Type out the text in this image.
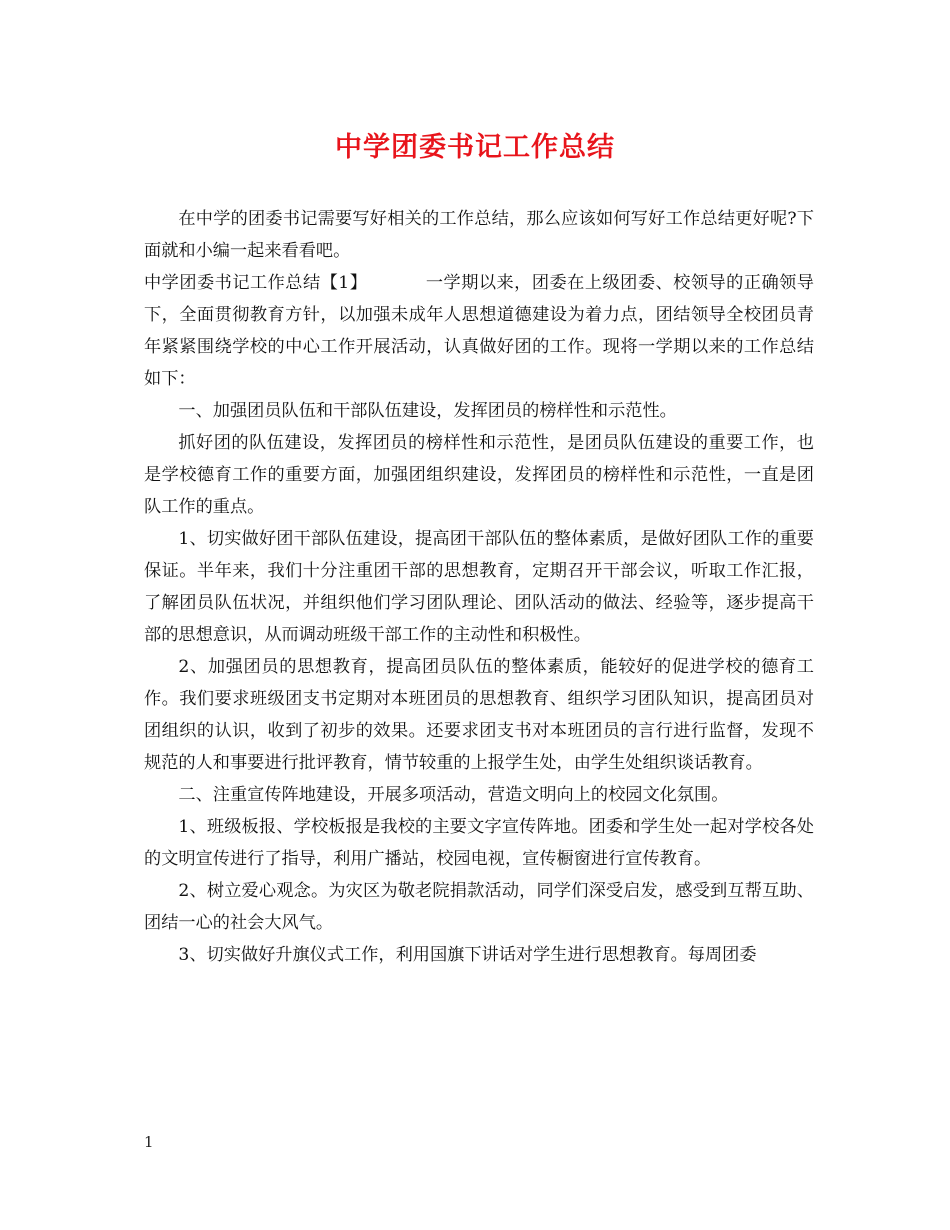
中学团委书记工作总结

在中学的团委书记需要写好相关的工作总结，那么应该如何写好工作总结更好呢?下面就和小编一起来看看吧。

中学团委书记工作总结【1】	一学期以来，团委在上级团委、校领导的正确领导下，全面贯彻教育方针，以加强未成年人思想道德建设为着力点，团结领导全校团员青年紧紧围绕学校的中心工作开展活动，认真做好团的工作。现将一学期以来的工作总结如下：

一、加强团员队伍和干部队伍建设，发挥团员的榜样性和示范性。

抓好团的队伍建设，发挥团员的榜样性和示范性，是团员队伍建设的重要工作，也是学校德育工作的重要方面，加强团组织建设，发挥团员的榜样性和示范性，一直是团队工作的重点。

1、切实做好团干部队伍建设，提高团干部队伍的整体素质，是做好团队工作的重要保证。半年来，我们十分注重团干部的思想教育，定期召开干部会议，听取工作汇报，了解团员队伍状况，并组织他们学习团队理论、团队活动的做法、经验等，逐步提高干部的思想意识，从而调动班级干部工作的主动性和积极性。

2、加强团员的思想教育，提高团员队伍的整体素质，能较好的促进学校的德育工作。我们要求班级团支书定期对本班团员的思想教育、组织学习团队知识，提高团员对团组织的认识，收到了初步的效果。还要求团支书对本班团员的言行进行监督，发现不规范的人和事要进行批评教育，情节较重的上报学生处，由学生处组织谈话教育。

二、注重宣传阵地建设，开展多项活动，营造文明向上的校园文化氛围。

1、班级板报、学校板报是我校的主要文字宣传阵地。团委和学生处一起对学校各处的文明宣传进行了指导，利用广播站，校园电视，宣传橱窗进行宣传教育。

2、树立爱心观念。为灾区为敬老院捐款活动，同学们深受启发，感受到互帮互助、团结一心的社会大风气。

3、切实做好升旗仪式工作，利用国旗下讲话对学生进行思想教育。每周团委

1
